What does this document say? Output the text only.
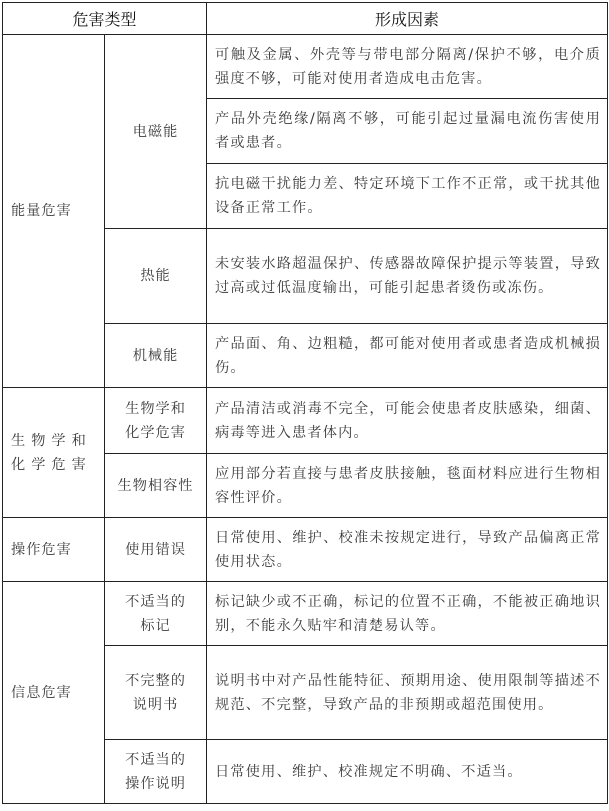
危害类型		形成因素
能量危害	电磁能	可触及金属、外壳等与带电部分隔离/保护不够，电介质强度不够，可能对使用者造成电击危害。
		产品外壳绝缘/隔离不够，可能引起过量漏电流伤害使用者或患者。
		抗电磁干扰能力差、特定环境下工作不正常，或干扰其他设备正常工作。
	热能	未安装水路超温保护、传感器故障保护提示等装置，导致过高或过低温度输出，可能引起患者烫伤或冻伤。
	机械能	产品面、角、边粗糙，都可能对使用者或患者造成机械损伤。
生物学和化学危害	生物学和化学危害	产品清洁或消毒不完全，可能会使患者皮肤感染，细菌、病毒等进入患者体内。
	生物相容性	应用部分若直接与患者皮肤接触，毯面材料应进行生物相容性评价。
操作危害	使用错误	日常使用、维护、校准未按规定进行，导致产品偏离正常使用状态。
信息危害	不适当的标记	标记缺少或不正确，标记的位置不正确，不能被正确地识别，不能永久贴牢和清楚易认等。
	不完整的说明书	说明书中对产品性能特征、预期用途、使用限制等描述不规范、不完整，导致产品的非预期或超范围使用。
	不适当的操作说明	日常使用、维护、校准规定不明确、不适当。
